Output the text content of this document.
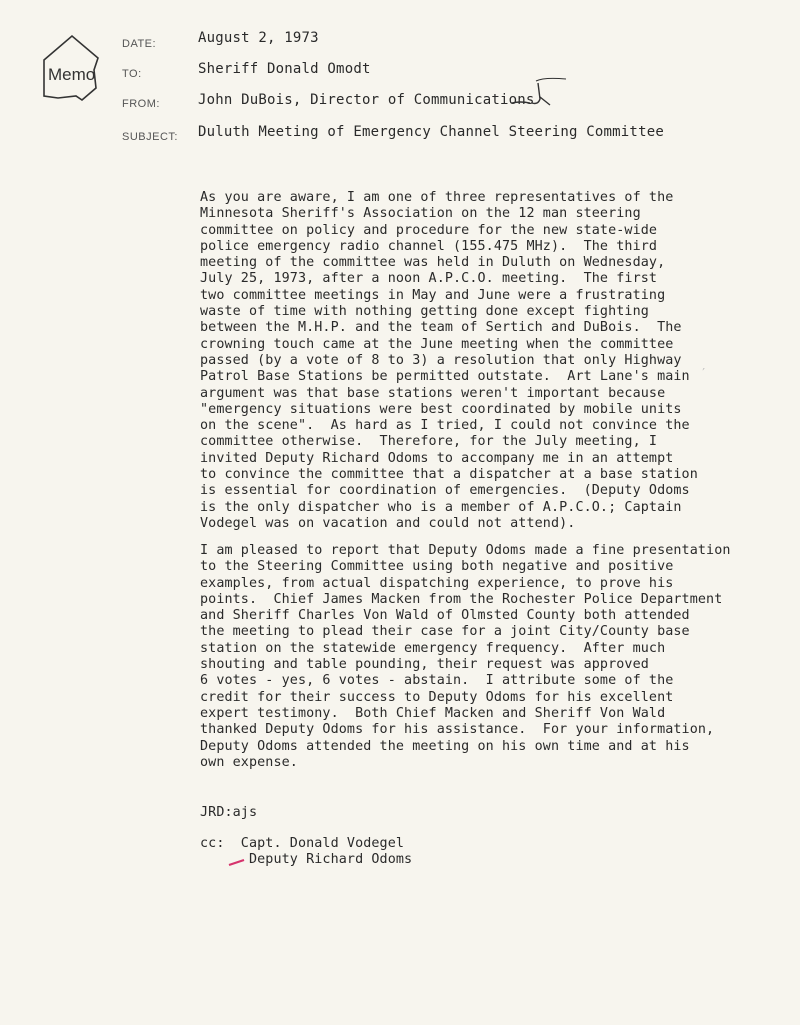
Memo
DATE:	August 2, 1973
TO:	Sheriff Donald Omodt
FROM:	John DuBois, Director of Communications
SUBJECT: Duluth Meeting of Emergency Channel Steering Committee
As you are aware, I am one of three representatives of the
Minnesota Sheriff's Association on the 12 man steering
committee on policy and procedure for the new state-wide
police emergency radio channel (155.475 MHz).  The third
meeting of the committee was held in Duluth on Wednesday,
July 25, 1973, after a noon A.P.C.O. meeting.  The first
two committee meetings in May and June were a frustrating
waste of time with nothing getting done except fighting
between the M.H.P. and the team of Sertich and DuBois.  The
crowning touch came at the June meeting when the committee
passed (by a vote of 8 to 3) a resolution that only Highway
Patrol Base Stations be permitted outstate.  Art Lane's main
argument was that base stations weren't important because
"emergency situations were best coordinated by mobile units
on the scene".  As hard as I tried, I could not convince the
committee otherwise.  Therefore, for the July meeting, I
invited Deputy Richard Odoms to accompany me in an attempt
to convince the committee that a dispatcher at a base station
is essential for coordination of emergencies.  (Deputy Odoms
is the only dispatcher who is a member of A.P.C.O.; Captain
Vodegel was on vacation and could not attend).
′
I am pleased to report that Deputy Odoms made a fine presentation
to the Steering Committee using both negative and positive
examples, from actual dispatching experience, to prove his
points.  Chief James Macken from the Rochester Police Department
and Sheriff Charles Von Wald of Olmsted County both attended
the meeting to plead their case for a joint City/County base
station on the statewide emergency frequency.  After much
shouting and table pounding, their request was approved
6 votes - yes, 6 votes - abstain.  I attribute some of the
credit for their success to Deputy Odoms for his excellent
expert testimony.  Both Chief Macken and Sheriff Von Wald
thanked Deputy Odoms for his assistance.  For your information,
Deputy Odoms attended the meeting on his own time and at his
own expense.
JRD:ajs
cc:  Capt. Donald Vodegel
Deputy Richard Odoms
